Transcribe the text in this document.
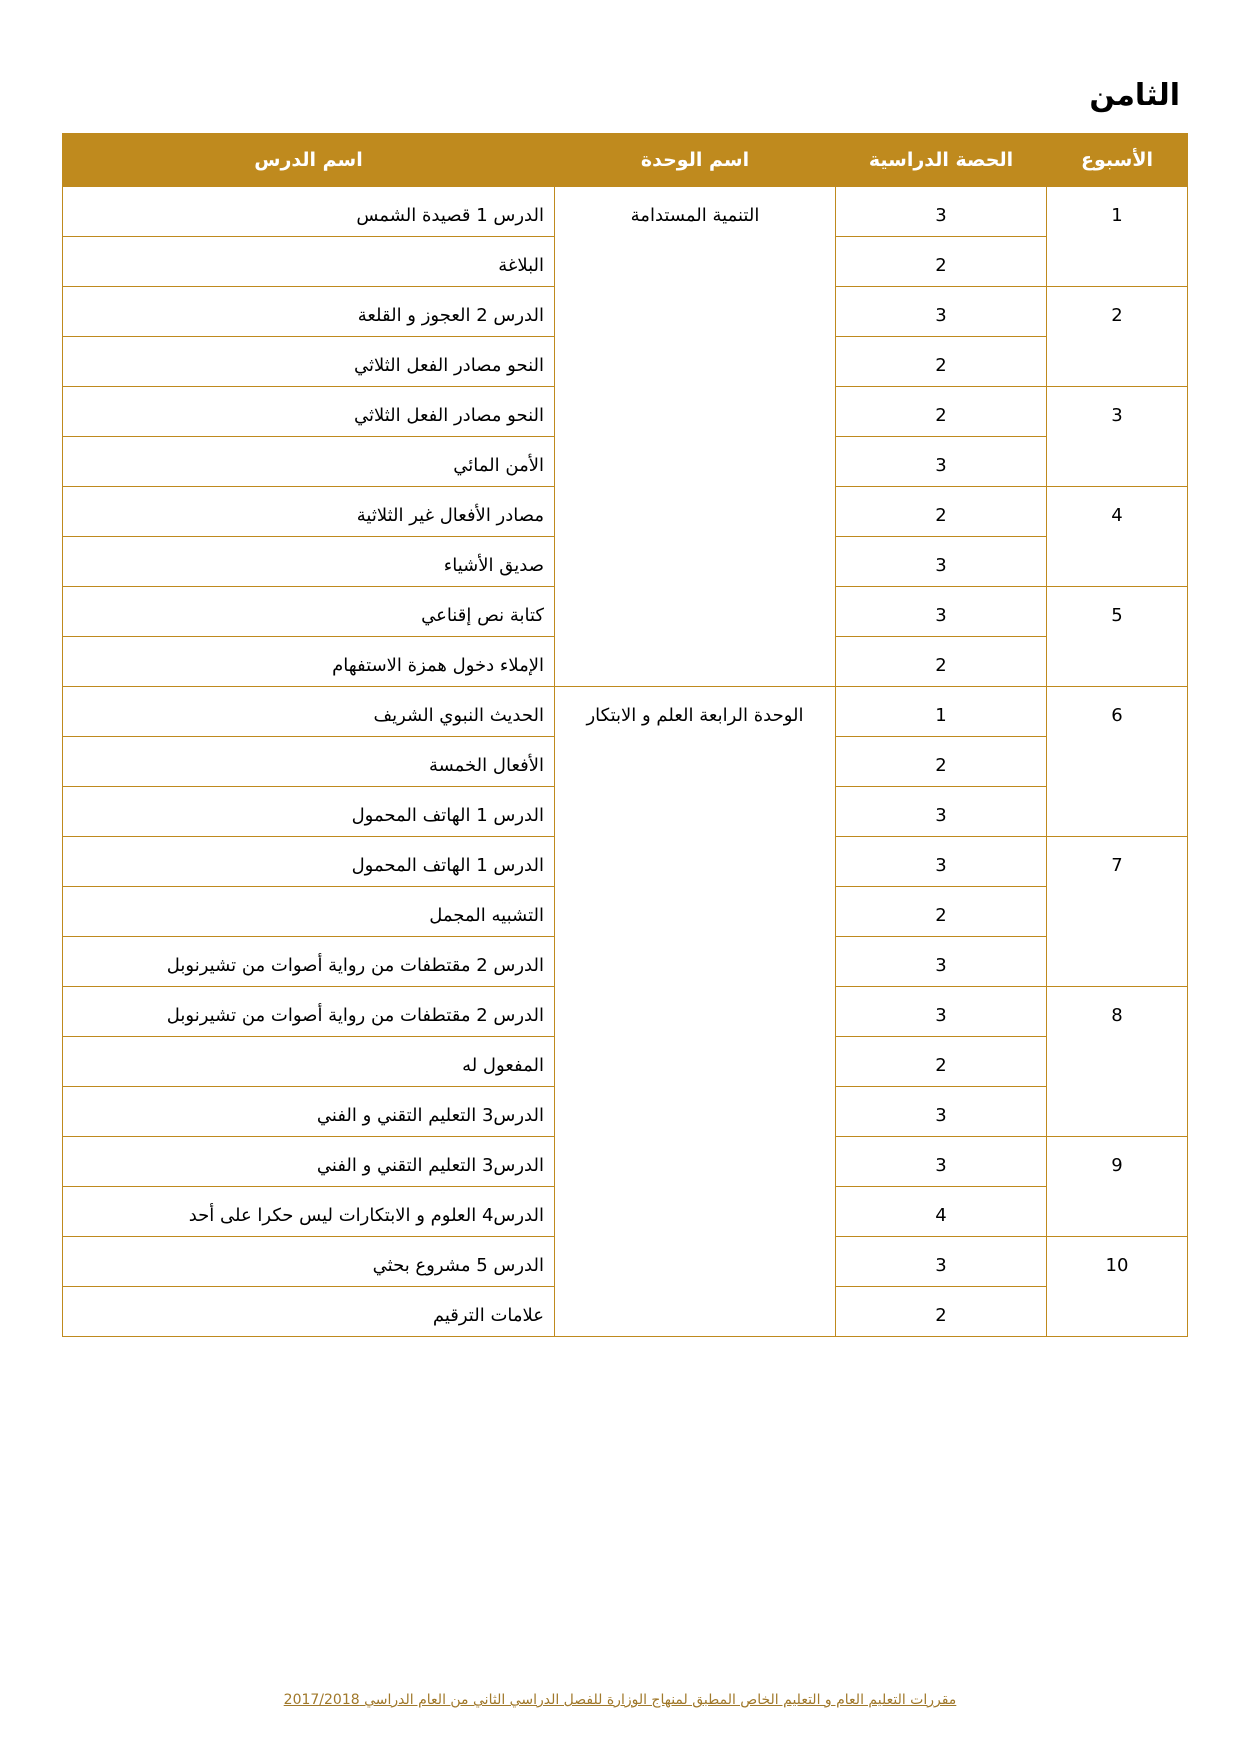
الثامن
الأسبوع	الحصة الدراسية	اسم الوحدة	اسم الدرس

1	3	التنمية المستدامة	الدرس 1 قصيدة الشمس

	2		البلاغة

2	3		الدرس 2 العجوز و القلعة

	2		النحو مصادر الفعل الثلاثي

3	2		النحو مصادر الفعل الثلاثي

	3		الأمن المائي

4	2		مصادر الأفعال غير الثلاثية

	3		صديق الأشياء

5	3		كتابة نص إقناعي

	2		الإملاء دخول همزة الاستفهام

6	1	الوحدة الرابعة العلم و الابتكار	الحديث النبوي الشريف

	2		الأفعال الخمسة

	3		الدرس 1 الهاتف المحمول

7	3		الدرس 1 الهاتف المحمول

	2		التشبيه المجمل

	3		الدرس 2 مقتطفات من رواية أصوات من تشيرنوبل

8	3		الدرس 2 مقتطفات من رواية أصوات من تشيرنوبل

	2		المفعول له

	3		الدرس3 التعليم التقني و الفني

9	3		الدرس3 التعليم التقني و الفني

	4		الدرس4 العلوم و الابتكارات ليس حكرا على أحد

10	3		الدرس 5 مشروع بحثي

	2		علامات الترقيم
مقررات التعليم العام و التعليم الخاص المطبق لمنهاج الوزارة للفصل الدراسي الثاني من العام الدراسي 2017/2018
